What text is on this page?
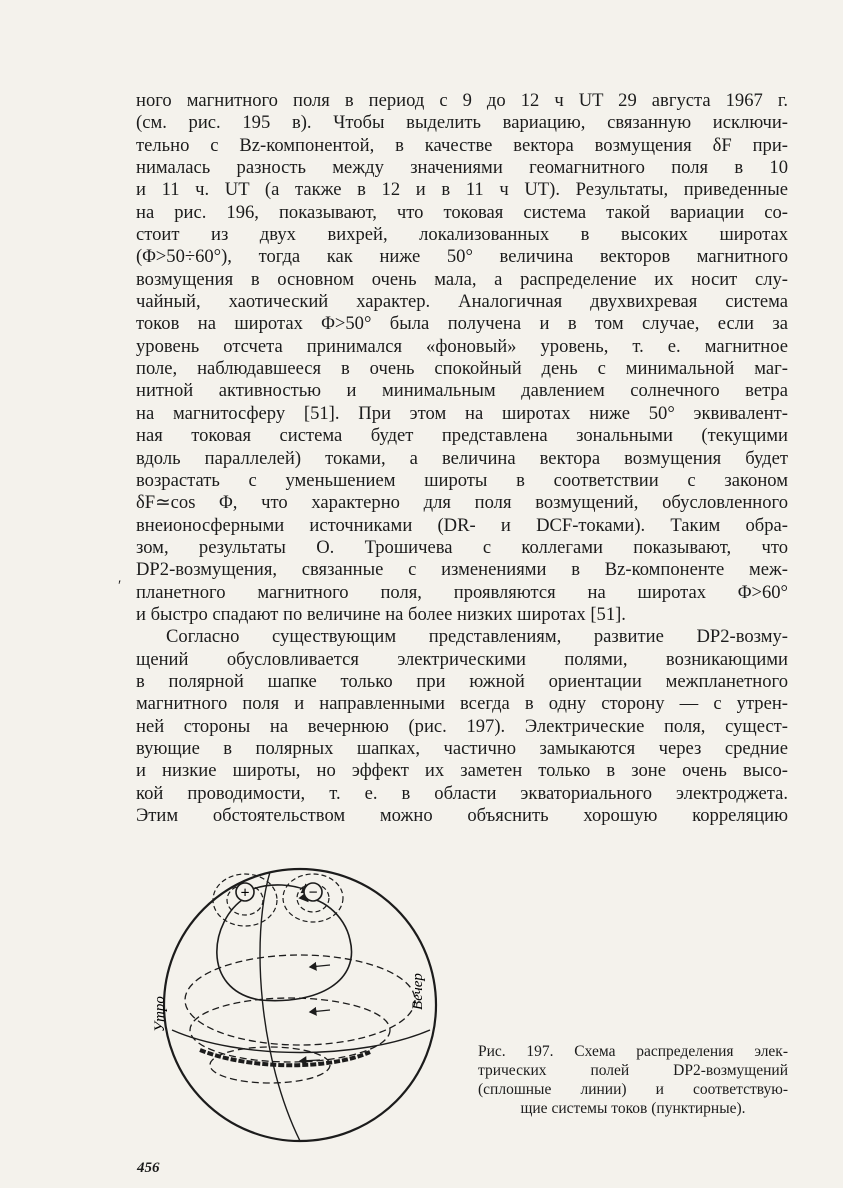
ного магнитного поля в период с 9 до 12 ч UT 29 августа 1967 г.
(см. рис. 195 в). Чтобы выделить вариацию, связанную исключи-
тельно с Bz-компонентой, в качестве вектора возмущения δF при-
нималась разность между значениями геомагнитного поля в 10
и 11 ч. UT (а также в 12 и в 11 ч UT). Результаты, приведенные
на рис. 196, показывают, что токовая система такой вариации со-
стоит из двух вихрей, локализованных в высоких широтах
(Φ>50÷60°), тогда как ниже 50° величина векторов магнитного
возмущения в основном очень мала, а распределение их носит слу-
чайный, хаотический характер. Аналогичная двухвихревая система
токов на широтах Φ>50° была получена и в том случае, если за
уровень отсчета принимался «фоновый» уровень, т. е. магнитное
поле, наблюдавшееся в очень спокойный день с минимальной маг-
нитной активностью и минимальным давлением солнечного ветра
на магнитосферу [51]. При этом на широтах ниже 50° эквивалент-
ная токовая система будет представлена зональными (текущими
вдоль параллелей) токами, а величина вектора возмущения будет
возрастать с уменьшением широты в соответствии с законом
δF≃cos Φ, что характерно для поля возмущений, обусловленного
внеионосферными источниками (DR- и DCF-токами). Таким обра-
зом, результаты О. Трошичева с коллегами показывают, что
DP2-возмущения, связанные с изменениями в Bz-компоненте меж-
планетного магнитного поля, проявляются на широтах Φ>60°
и быстро спадают по величине на более низких широтах [51].
Согласно существующим представлениям, развитие DP2-возму-
щений обусловливается электрическими полями, возникающими
в полярной шапке только при южной ориентации межпланетного
магнитного поля и направленными всегда в одну сторону — с утрен-
ней стороны на вечернюю (рис. 197). Электрические поля, сущест-
вующие в полярных шапках, частично замыкаются через средние
и низкие широты, но эффект их заметен только в зоне очень высо-
кой проводимости, т. е. в области экваториального электроджета.
Этим обстоятельством можно объяснить хорошую корреляцию
ʹ
+	−
Утро
Вечер
Рис. 197. Схема распределения элек-
трических полей DP2-возмущений
(сплошные линии) и соответствую-
щие системы токов (пунктирные).
456
